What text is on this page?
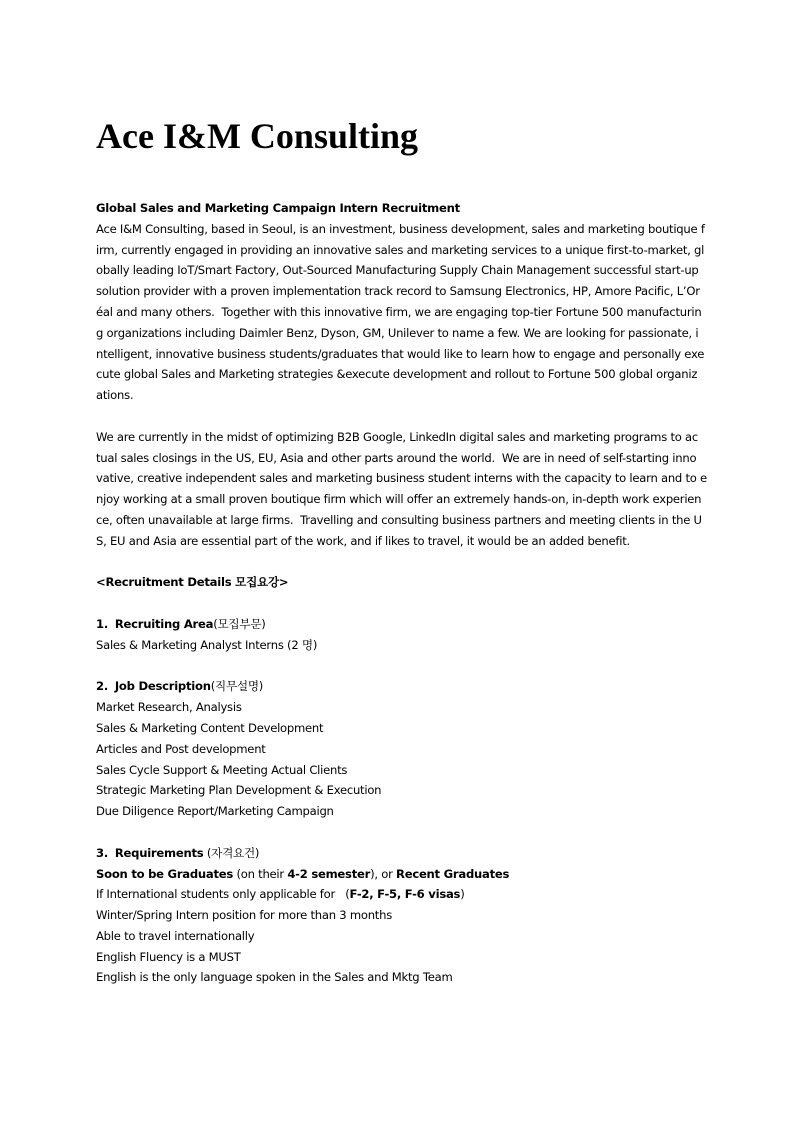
Ace I&M Consulting
Global Sales and Marketing Campaign Intern Recruitment
Ace I&M Consulting, based in Seoul, is an investment, business development, sales and marketing boutique f
irm, currently engaged in providing an innovative sales and marketing services to a unique first-to-market, gl
obally leading IoT/Smart Factory, Out-Sourced Manufacturing Supply Chain Management successful start-up
solution provider with a proven implementation track record to Samsung Electronics, HP, Amore Pacific, L’Or
éal and many others.  Together with this innovative firm, we are engaging top-tier Fortune 500 manufacturin
g organizations including Daimler Benz, Dyson, GM, Unilever to name a few. We are looking for passionate, i
ntelligent, innovative business students/graduates that would like to learn how to engage and personally exe
cute global Sales and Marketing strategies &execute development and rollout to Fortune 500 global organiz
ations.
We are currently in the midst of optimizing B2B Google, LinkedIn digital sales and marketing programs to ac
tual sales closings in the US, EU, Asia and other parts around the world.  We are in need of self-starting inno
vative, creative independent sales and marketing business student interns with the capacity to learn and to e
njoy working at a small proven boutique firm which will offer an extremely hands-on, in-depth work experien
ce, often unavailable at large firms.  Travelling and consulting business partners and meeting clients in the U
S, EU and Asia are essential part of the work, and if likes to travel, it would be an added benefit.
<Recruitment Details 모집요강>
1. Recruiting Area(모집부문)
Sales & Marketing Analyst Interns (2 명)
2. Job Description(직무설명)
Market Research, Analysis
Sales & Marketing Content Development
Articles and Post development
Sales Cycle Support & Meeting Actual Clients
Strategic Marketing Plan Development & Execution
Due Diligence Report/Marketing Campaign
3. Requirements (자격요건)
Soon to be Graduates (on their 4-2 semester), or Recent Graduates
If International students only applicable for   (F-2, F-5, F-6 visas)
Winter/Spring Intern position for more than 3 months
Able to travel internationally
English Fluency is a MUST
English is the only language spoken in the Sales and Mktg Team
